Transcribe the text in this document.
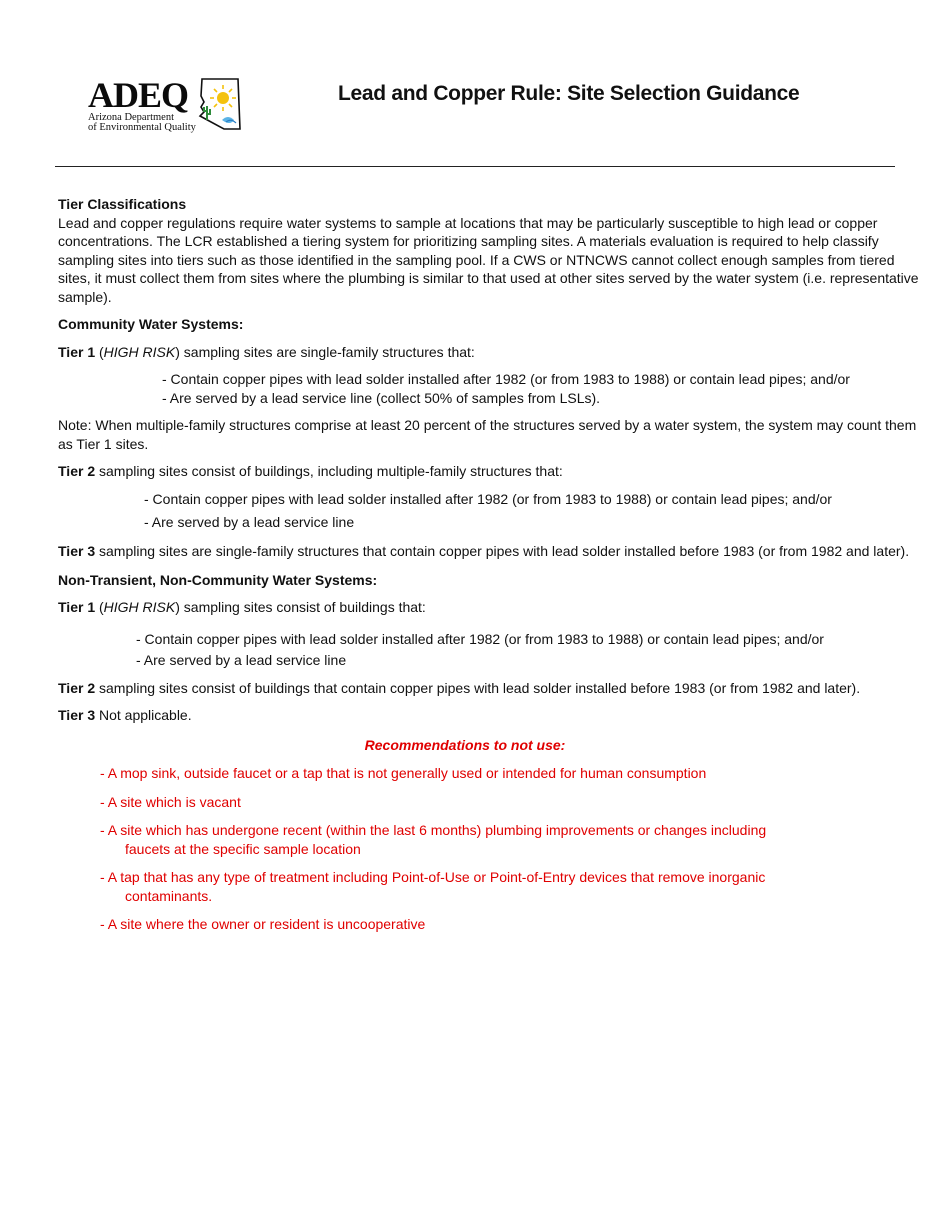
ADEQ
Arizona Department
of Environmental Quality
Lead and Copper Rule: Site Selection Guidance

Tier Classifications

Lead and copper regulations require water systems to sample at locations that may be particularly susceptible to high lead or copper concentrations. The LCR established a tiering system for prioritizing sampling sites. A materials evaluation is required to help classify sampling sites into tiers such as those identified in the sampling pool. If a CWS or NTNCWS cannot collect enough samples from tiered sites, it must collect them from sites where the plumbing is similar to that used at other sites served by the water system (i.e. representative sample).

Community Water Systems:

Tier 1 (HIGH RISK) sampling sites are single-family structures that:

- Contain copper pipes with lead solder installed after 1982 (or from 1983 to 1988) or contain lead pipes; and/or

- Are served by a lead service line (collect 50% of samples from LSLs).

Note: When multiple-family structures comprise at least 20 percent of the structures served by a water system, the system may count them as Tier 1 sites.

Tier 2 sampling sites consist of buildings, including multiple-family structures that:

- Contain copper pipes with lead solder installed after 1982 (or from 1983 to 1988) or contain lead pipes; and/or

- Are served by a lead service line

Tier 3 sampling sites are single-family structures that contain copper pipes with lead solder installed before 1983 (or from 1982 and later).

Non-Transient, Non-Community Water Systems:

Tier 1 (HIGH RISK) sampling sites consist of buildings that:

- Contain copper pipes with lead solder installed after 1982 (or from 1983 to 1988) or contain lead pipes; and/or

- Are served by a lead service line

Tier 2 sampling sites consist of buildings that contain copper pipes with lead solder installed before 1983 (or from 1982 and later).

Tier 3 Not applicable.

Recommendations to not use:

- A mop sink, outside faucet or a tap that is not generally used or intended for human consumption

- A site which is vacant

- A site which has undergone recent (within the last 6 months) plumbing improvements or changes including
faucets at the specific sample location

- A tap that has any type of treatment including Point-of-Use or Point-of-Entry devices that remove inorganic
contaminants.

- A site where the owner or resident is uncooperative
